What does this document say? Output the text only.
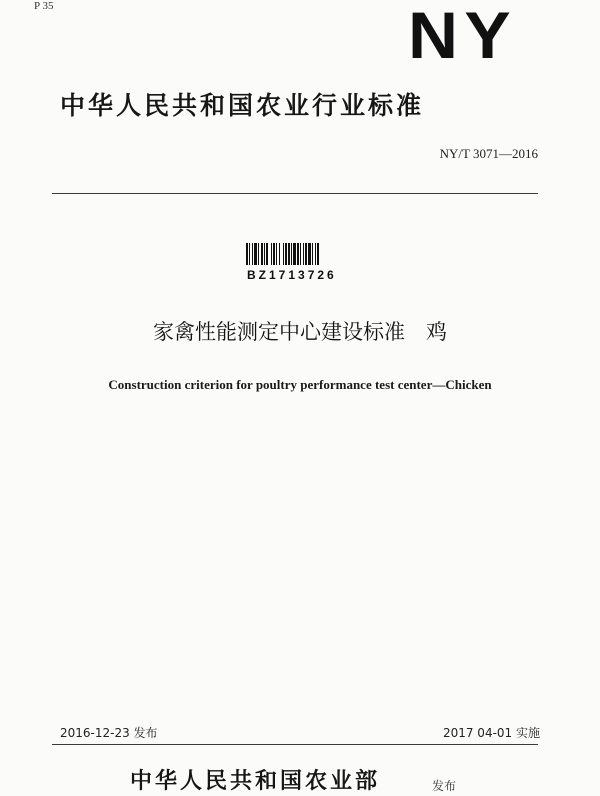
P 35	NY
中华人民共和国农业行业标准
NY/T 3071—2016
BZ1713726
家禽性能测定中心建设标准　鸡
Construction criterion for poultry performance test center—Chicken
2016-12-23 发布	2017 04-01 实施
中华人民共和国农业部	发布
